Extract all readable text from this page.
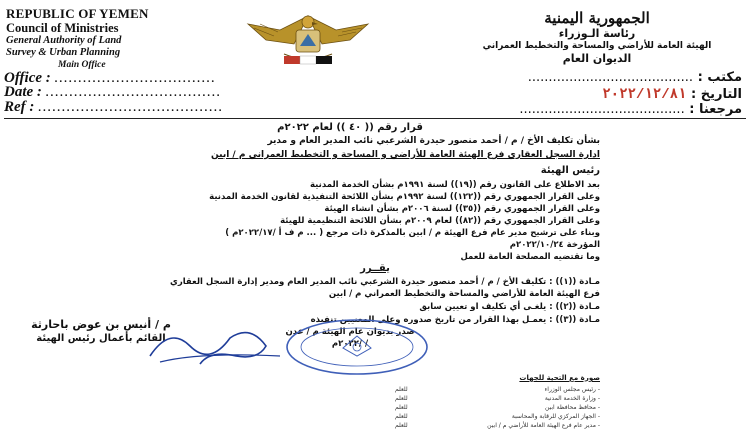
REPUBLIC OF YEMEN
Council of Ministries
General Authority of Land
Survey & Urban Planning
Main Office
الجمهورية اليمنية
رئاسة الـوزراء
الهيئة العامة للأراضي والمساحة والتخطيط العمراني
الديوان العام
Office : ..................................
Date : .....................................
Ref : .......................................
مكتب : ........................................
التاريخ : ٢٠٢٢/١٢/٨١
مرجعنا : ........................................
قرار رقم (( ٤٠ )) لعام ٢٠٢٢م
بشأن تكليف الأخ / م / أحمد منصور حيدرة الشرعبي نائب المدير العام و مدير
ادارة السجل العقاري فرع الهيئة العامة للأراضي و المساحة و التخطيط العمراني م / ابين
رئيس الهيئة
بعد الاطلاع على القانون رقم ((١٩)) لسنة ١٩٩١م بشأن الخدمة المدنية
وعلى القرار الجمهوري رقم ((١٢٢)) لسنة ١٩٩٢م بشأن اللائحة التنفيذية لقانون الخدمة المدنية
وعلى القرار الجمهوري رقم ((٣٥)) لسنة ٢٠٠٦م بشأن انشاء الهيئة
وعلى القرار الجمهوري رقم ((٨٢)) لعام ٢٠٠٩م بشأن اللائحة التنظيمية للهيئة
وبناء على ترشيح مدير عام فرع الهيئة م / ابين بالمذكرة ذات مرجع ( ... م ف أ /٢٠٢٢/١٧م )
المؤرخة ٢٠٢٢/١٠/٢٤م
وما تقتضيه المصلحة العامة للعمل
يقــرر
مـادة ((١)) : تكليف الأخ / م / أحمد منصور حيدرة الشرعبي نائب المدير العام ومدير إدارة السجل العقاري
فرع الهيئة العامة للأراضي والمساحة والتخطيط العمراني م / ابين
مـادة ((٢)) : يلغـى أي تكليف او تعيين سابق
مـادة ((٣)) : يعمـل بهذا القرار من تاريخ صدوره وعلى المعنيين تنفيذه
صدر بديوان عام الهيئة م / عدن
/ /٢٠٢٢م
م / أنيس بن عوض باحارثة
القائم بأعمال رئيس الهيئة
صورة مع التحية للجهات
- رئيس مجلس الوزراء
- وزارة الخدمة المدنية
- محافظ محافظة ابين
- الجهاز المركزي للرقابة والمحاسبة
- مدير عام فرع الهيئة العامة للأراضي م / ابين
للعلم
للعلم
للعلم
للعلم
للعلم
